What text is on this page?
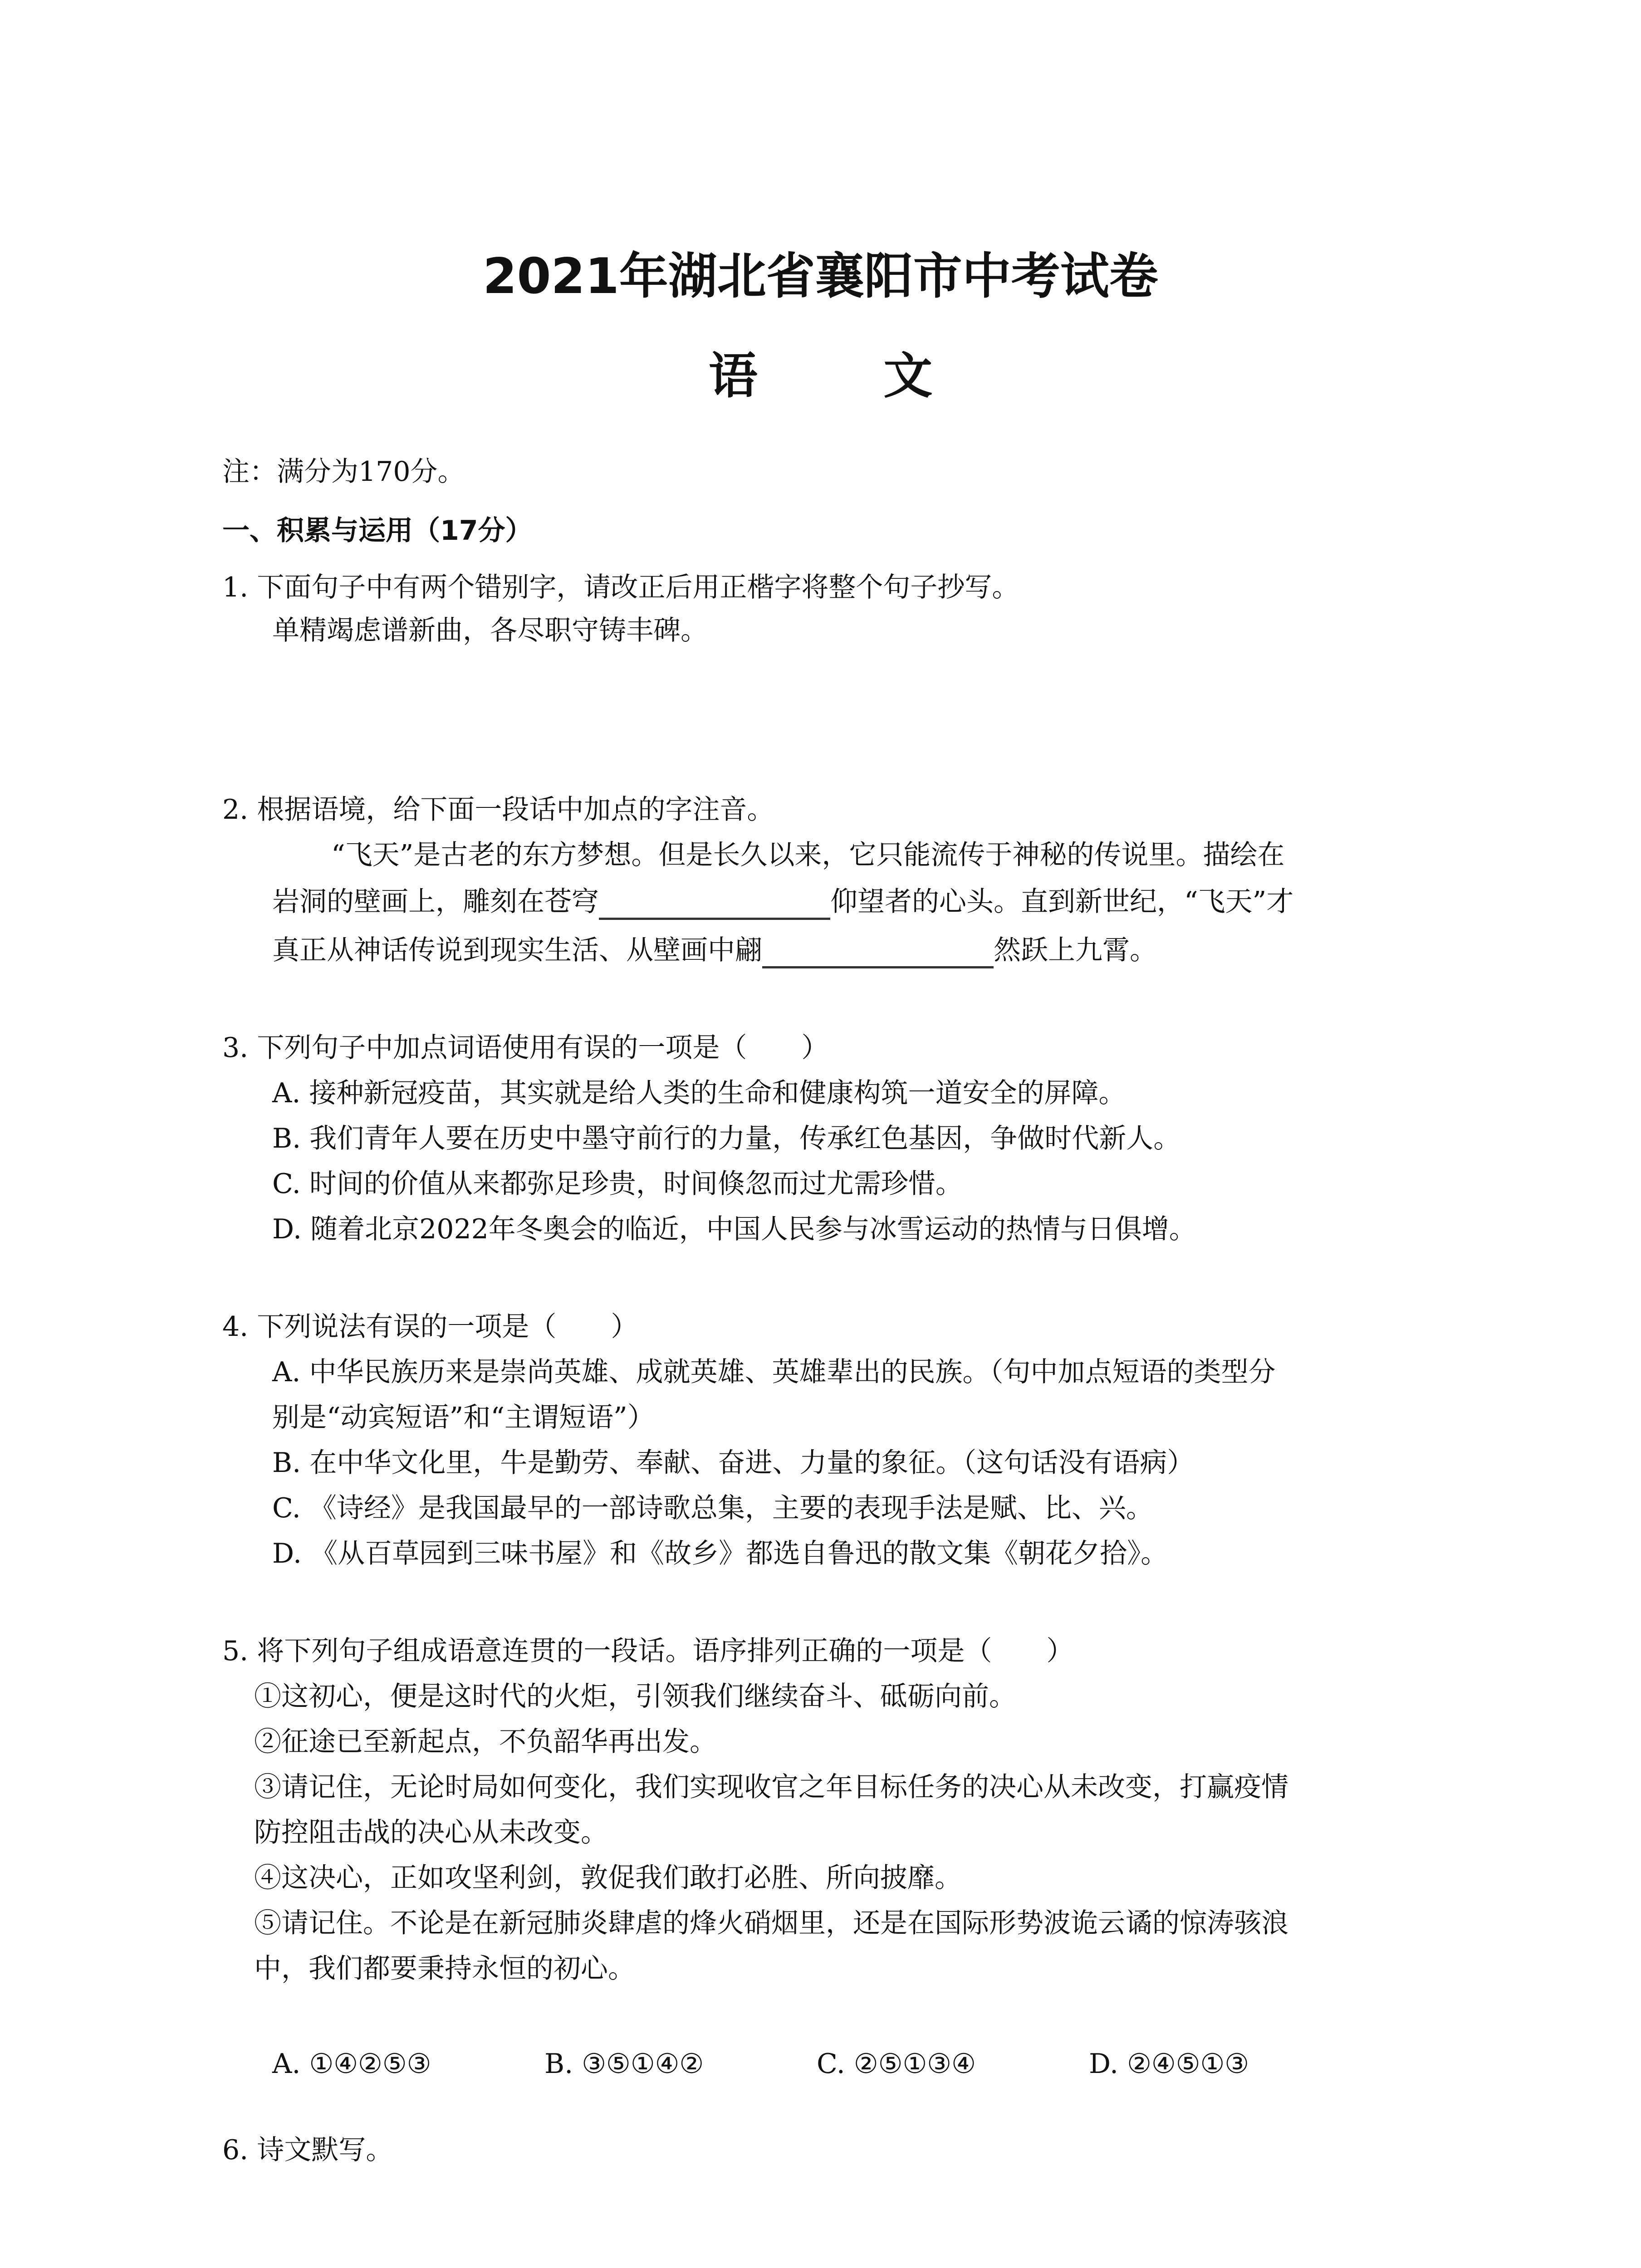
2021年湖北省襄阳市中考试卷
语 文
注：满分为170分。
一、积累与运用（17分）
1. 下面句子中有两个错别字，请改正后用正楷字将整个句子抄写。
单精竭虑谱新曲，各尽职守铸丰碑。
2. 根据语境，给下面一段话中加点的字注音。
“飞天”是古老的东方梦想。但是长久以来，它只能流传于神秘的传说里。描绘在
岩洞的壁画上，雕刻在苍穹	仰望者的心头。直到新世纪，“飞天”才
真正从神话传说到现实生活、从壁画中翩	然跃上九霄。
3. 下列句子中加点词语使用有误的一项是（　　）
A. 接种新冠疫苗，其实就是给人类的生命和健康构筑一道安全的屏障。
B. 我们青年人要在历史中墨守前行的力量，传承红色基因，争做时代新人。
C. 时间的价值从来都弥足珍贵，时间倏忽而过尤需珍惜。
D. 随着北京2022年冬奥会的临近，中国人民参与冰雪运动的热情与日俱增。
4. 下列说法有误的一项是（　　）
A. 中华民族历来是崇尚英雄、成就英雄、英雄辈出的民族。（句中加点短语的类型分
别是“动宾短语”和“主谓短语”）
B. 在中华文化里，牛是勤劳、奉献、奋进、力量的象征。（这句话没有语病）
C. 《诗经》是我国最早的一部诗歌总集，主要的表现手法是赋、比、兴。
D. 《从百草园到三味书屋》和《故乡》都选自鲁迅的散文集《朝花夕拾》。
5. 将下列句子组成语意连贯的一段话。语序排列正确的一项是（　　）
①这初心，便是这时代的火炬，引领我们继续奋斗、砥砺向前。
②征途已至新起点，不负韶华再出发。
③请记住，无论时局如何变化，我们实现收官之年目标任务的决心从未改变，打赢疫情
防控阻击战的决心从未改变。
④这决心，正如攻坚利剑，敦促我们敢打必胜、所向披靡。
⑤请记住。不论是在新冠肺炎肆虐的烽火硝烟里，还是在国际形势波诡云谲的惊涛骇浪
中，我们都要秉持永恒的初心。
A. ①④②⑤③	B. ③⑤①④②	C. ②⑤①③④	D. ②④⑤①③
6. 诗文默写。
